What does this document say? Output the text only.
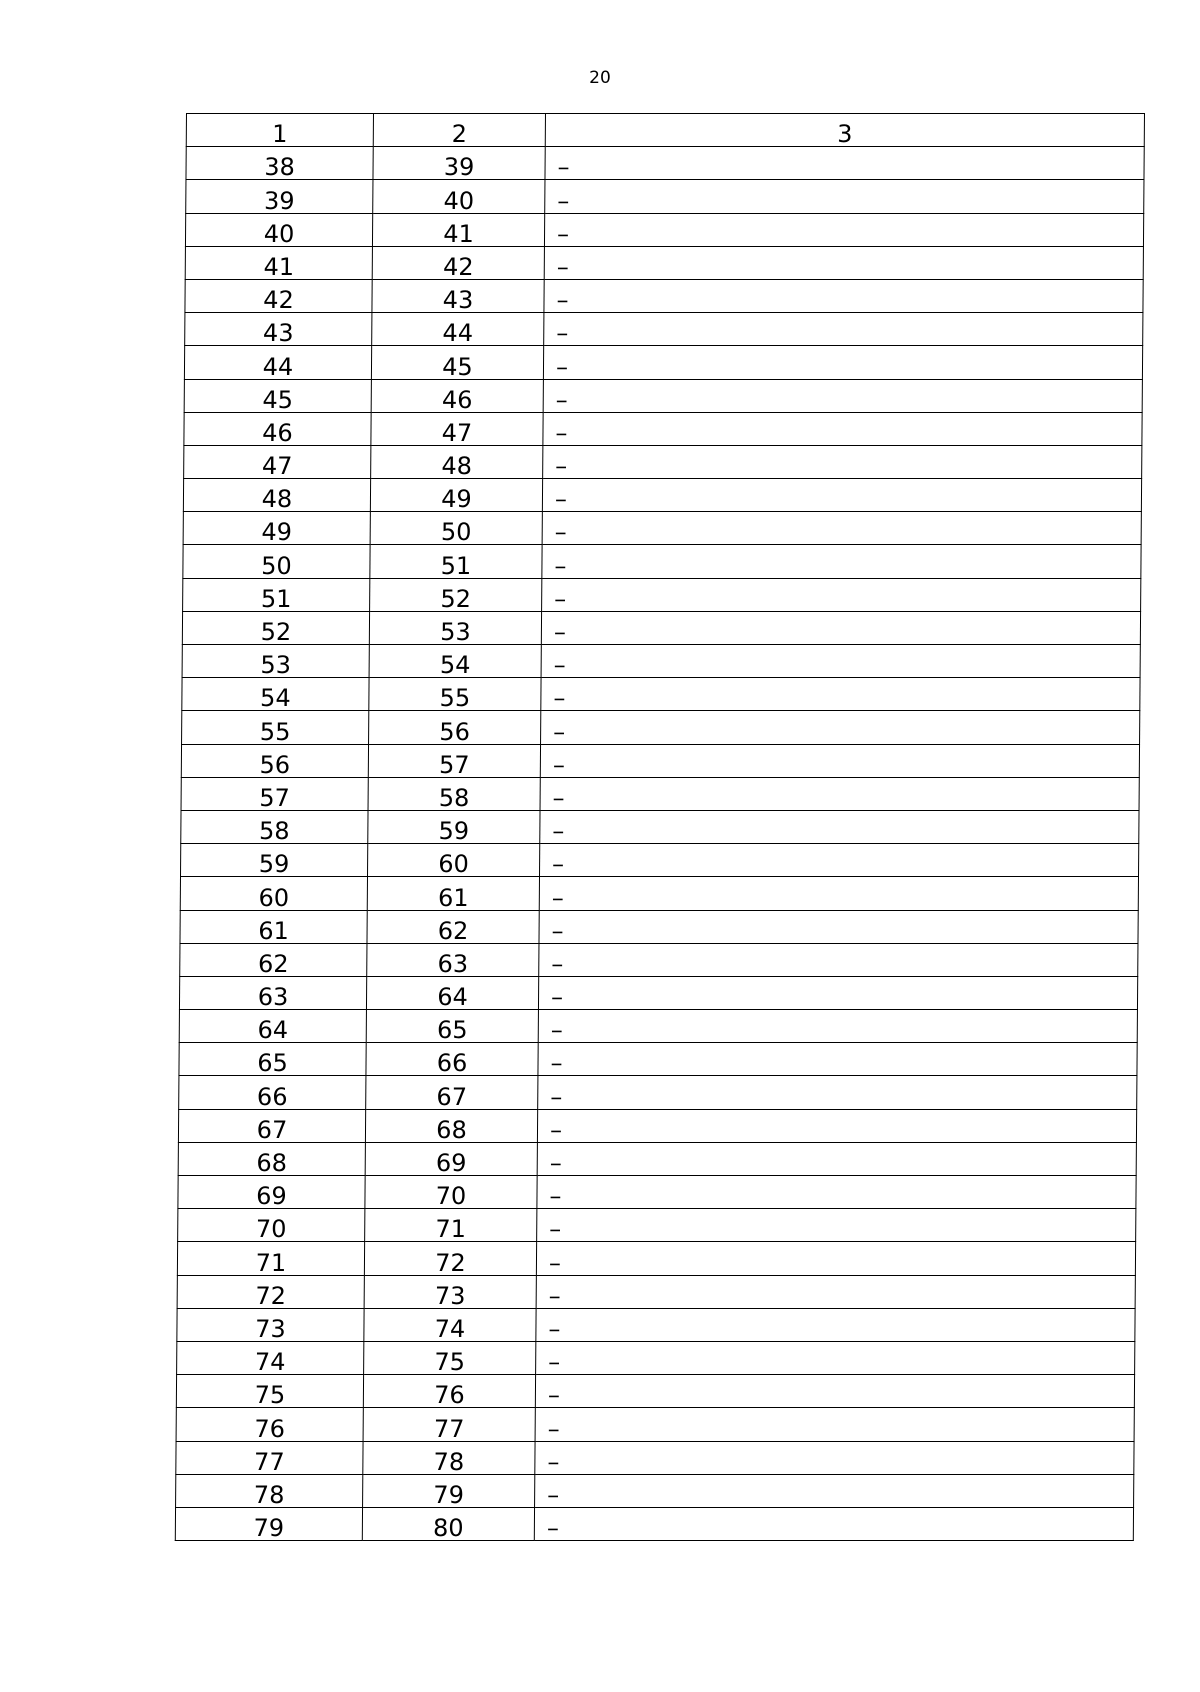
20
1	2	3
38	39	–
39	40	–
40	41	–
41	42	–
42	43	–
43	44	–
44	45	–
45	46	–
46	47	–
47	48	–
48	49	–
49	50	–
50	51	–
51	52	–
52	53	–
53	54	–
54	55	–
55	56	–
56	57	–
57	58	–
58	59	–
59	60	–
60	61	–
61	62	–
62	63	–
63	64	–
64	65	–
65	66	–
66	67	–
67	68	–
68	69	–
69	70	–
70	71	–
71	72	–
72	73	–
73	74	–
74	75	–
75	76	–
76	77	–
77	78	–
78	79	–
79	80	–
